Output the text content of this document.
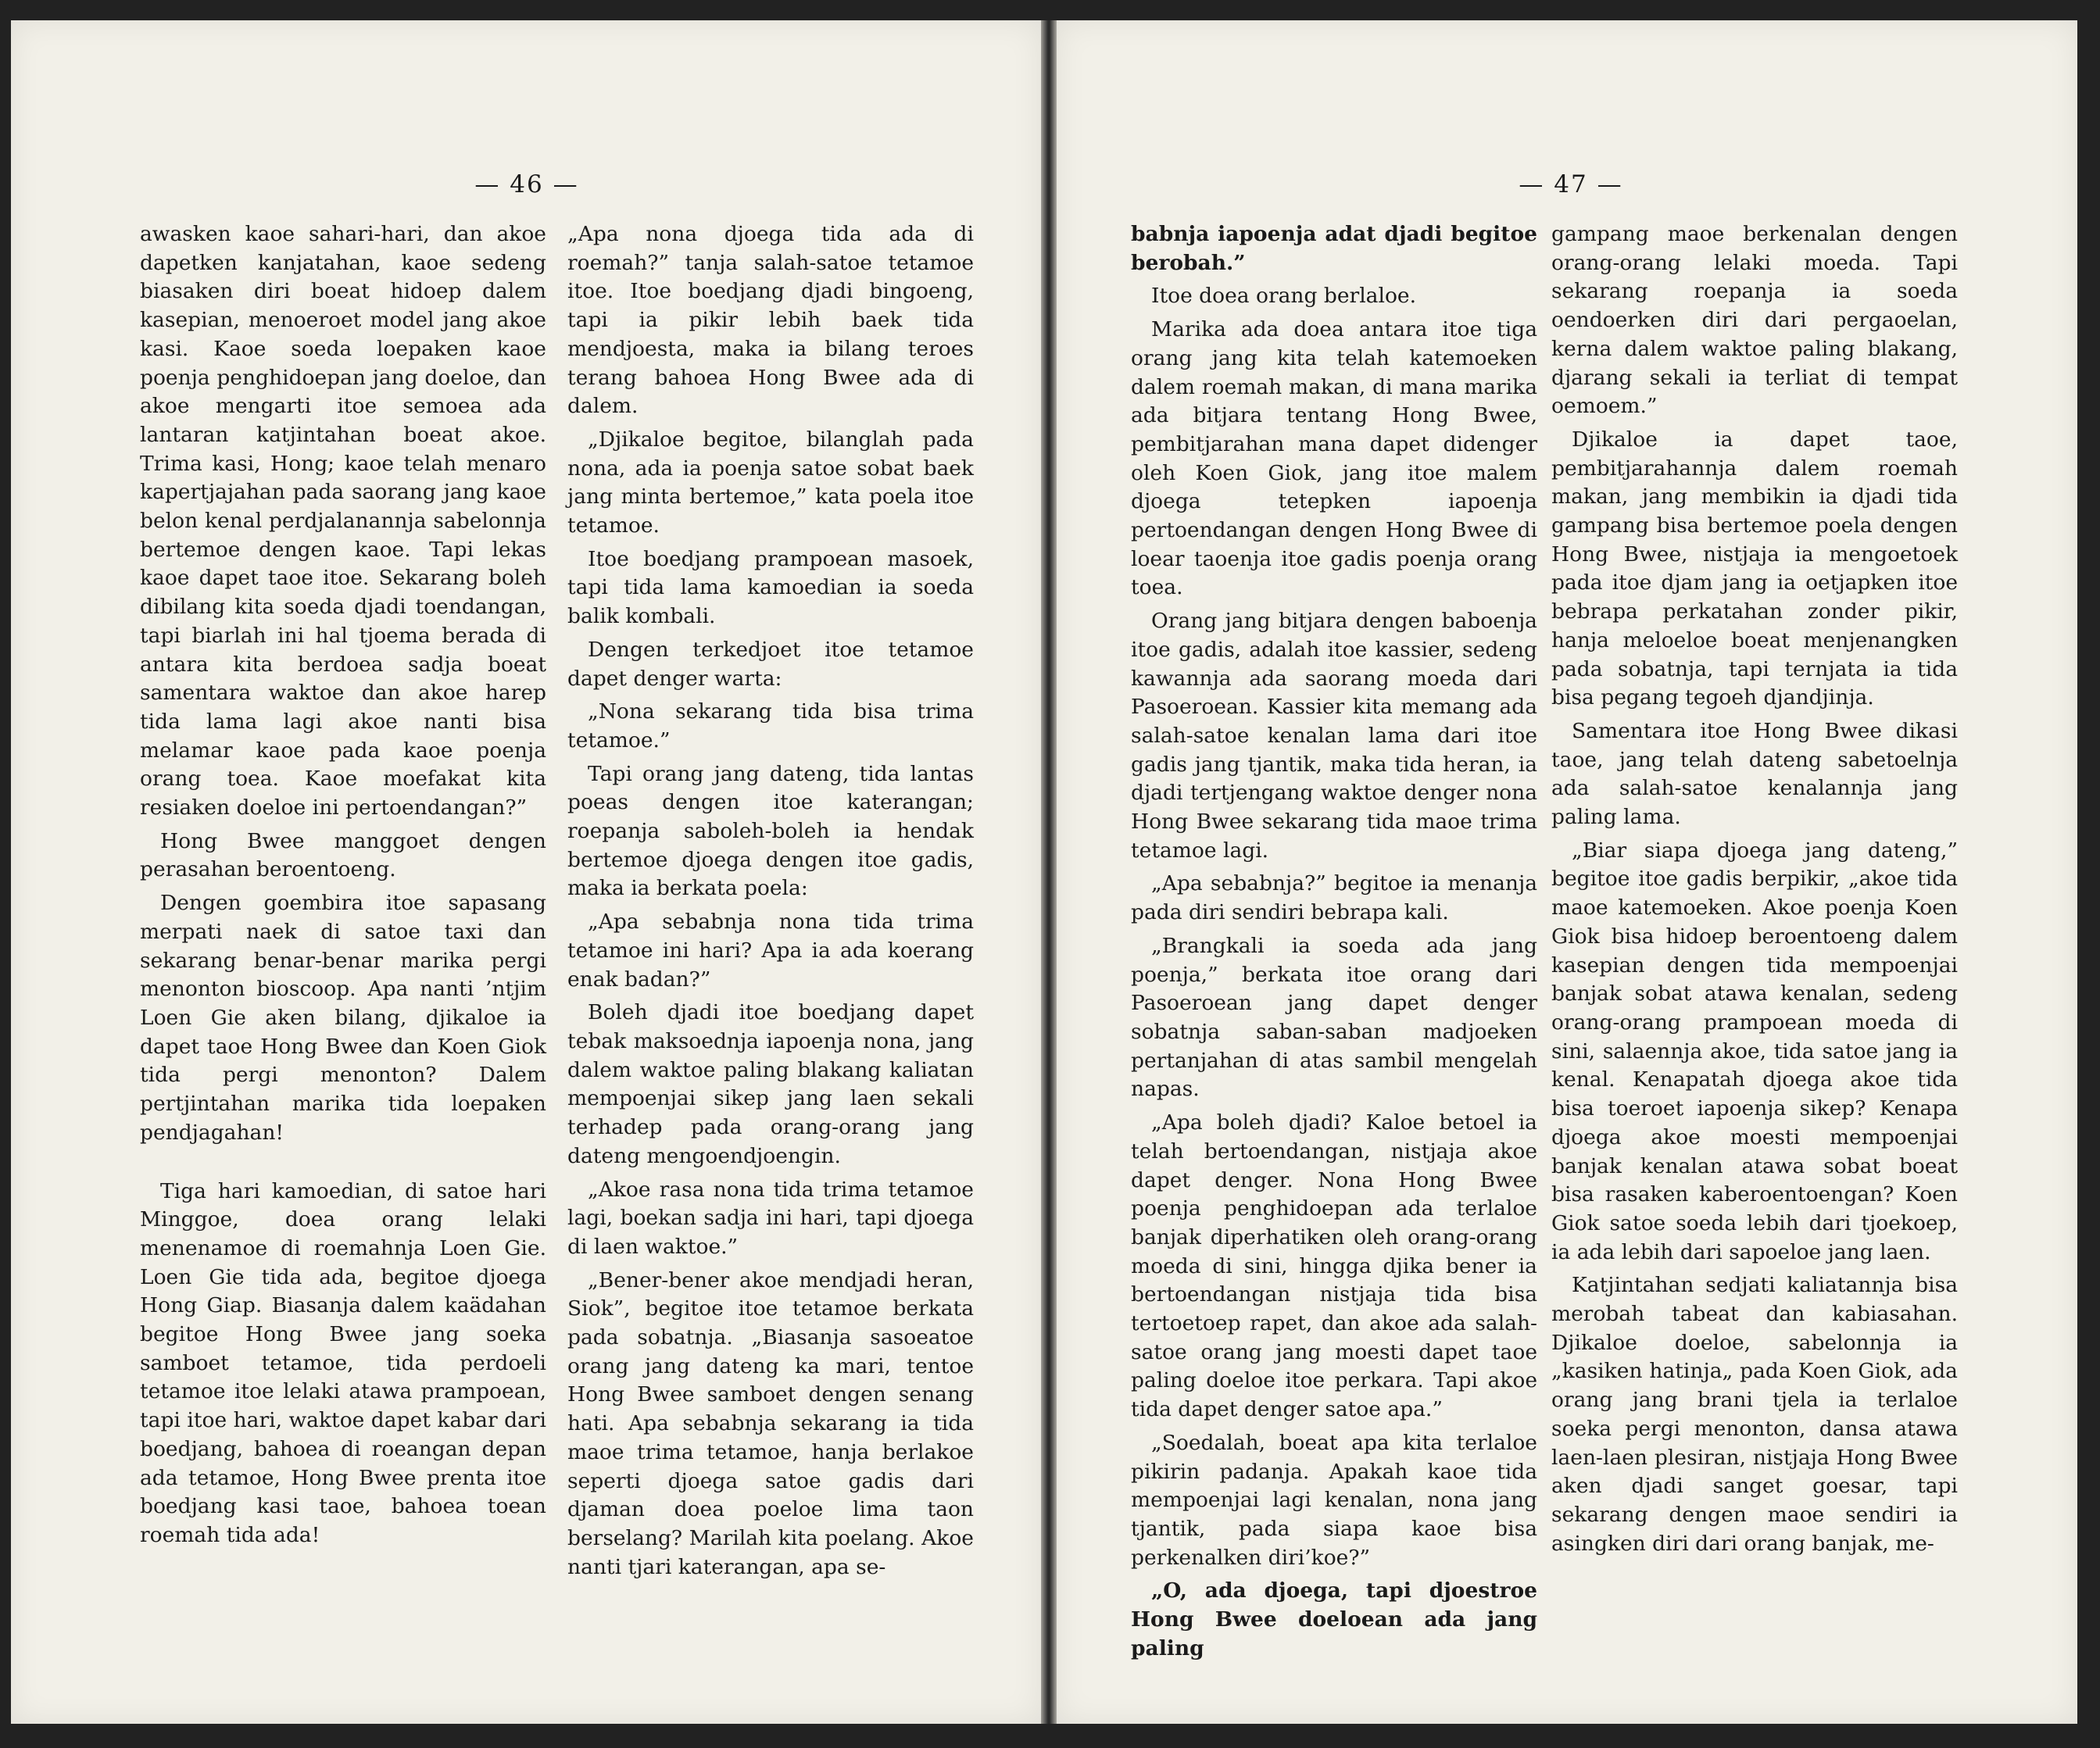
— 46 —

awasken kaoe sahari-hari, dan akoe dapetken kanjatahan, kaoe sedeng biasaken diri boeat hidoep dalem kasepian, menoeroet model jang akoe kasi. Kaoe soeda loepaken kaoe poenja penghidoepan jang doeloe, dan akoe mengarti itoe semoea ada lantaran katjintahan boeat akoe. Trima kasi, Hong; kaoe telah menaro kapertjajahan pada saorang jang kaoe belon kenal perdjalanannja sabelonnja bertemoe dengen kaoe. Tapi lekas kaoe dapet taoe itoe. Sekarang boleh dibilang kita soeda djadi toendangan, tapi biarlah ini hal tjoema berada di antara kita berdoea sadja boeat samentara waktoe dan akoe harep tida lama lagi akoe nanti bisa melamar kaoe pada kaoe poenja orang toea. Kaoe moefakat kita resiaken doeloe ini pertoendangan?”

Hong Bwee manggoet dengen perasahan beroentoeng.

Dengen goembira itoe sapasang merpati naek di satoe taxi dan sekarang benar-benar marika pergi menonton bioscoop. Apa nanti ’ntjim Loen Gie aken bilang, djikaloe ia dapet taoe Hong Bwee dan Koen Giok tida pergi menonton? Dalem pertjintahan marika tida loepaken pendjagahan!

Tiga hari kamoedian, di satoe hari Minggoe, doea orang lelaki menenamoe di roemahnja Loen Gie. Loen Gie tida ada, begitoe djoega Hong Giap. Biasanja dalem kaädahan begitoe Hong Bwee jang soeka samboet tetamoe, tida perdoeli tetamoe itoe lelaki atawa prampoean, tapi itoe hari, waktoe dapet kabar dari boedjang, bahoea di roeangan depan ada tetamoe, Hong Bwee prenta itoe boedjang kasi taoe, bahoea toean roemah tida ada!

„Apa nona djoega tida ada di roemah?” tanja salah-satoe tetamoe itoe. Itoe boedjang djadi bingoeng, tapi ia pikir lebih baek tida mendjoesta, maka ia bilang teroes terang bahoea Hong Bwee ada di dalem.

„Djikaloe begitoe, bilanglah pada nona, ada ia poenja satoe sobat baek jang minta bertemoe,” kata poela itoe tetamoe.

Itoe boedjang prampoean masoek, tapi tida lama kamoedian ia soeda balik kombali.

Dengen terkedjoet itoe tetamoe dapet denger warta:

„Nona sekarang tida bisa trima tetamoe.”

Tapi orang jang dateng, tida lantas poeas dengen itoe katerangan; roepanja saboleh-boleh ia hendak bertemoe djoega dengen itoe gadis, maka ia berkata poela:

„Apa sebabnja nona tida trima tetamoe ini hari? Apa ia ada koerang enak badan?”

Boleh djadi itoe boedjang dapet tebak maksoednja iapoenja nona, jang dalem waktoe paling blakang kaliatan mempoenjai sikep jang laen sekali terhadep pada orang-orang jang dateng mengoendjoengin.

„Akoe rasa nona tida trima tetamoe lagi, boekan sadja ini hari, tapi djoega di laen waktoe.”

„Bener-bener akoe mendjadi heran, Siok”, begitoe itoe tetamoe berkata pada sobatnja. „Biasanja sasoeatoe orang jang dateng ka mari, tentoe Hong Bwee samboet dengen senang hati. Apa sebabnja sekarang ia tida maoe trima tetamoe, hanja berlakoe seperti djoega satoe gadis dari djaman doea poeloe lima taon berselang? Marilah kita poelang. Akoe nanti tjari katerangan, apa se-

— 47 —

babnja iapoenja adat djadi begitoe berobah.”

Itoe doea orang berlaloe.

Marika ada doea antara itoe tiga orang jang kita telah katemoeken dalem roemah makan, di mana marika ada bitjara tentang Hong Bwee, pembitjarahan mana dapet didenger oleh Koen Giok, jang itoe malem djoega tetepken iapoenja pertoendangan dengen Hong Bwee di loear taoenja itoe gadis poenja orang toea.

Orang jang bitjara dengen baboenja itoe gadis, adalah itoe kassier, sedeng kawannja ada saorang moeda dari Pasoeroean. Kassier kita memang ada salah-satoe kenalan lama dari itoe gadis jang tjantik, maka tida heran, ia djadi tertjengang waktoe denger nona Hong Bwee sekarang tida maoe trima tetamoe lagi.

„Apa sebabnja?” begitoe ia menanja pada diri sendiri bebrapa kali.

„Brangkali ia soeda ada jang poenja,” berkata itoe orang dari Pasoeroean jang dapet denger sobatnja saban-saban madjoeken pertanjahan di atas sambil mengelah napas.

„Apa boleh djadi? Kaloe betoel ia telah bertoendangan, nistjaja akoe dapet denger. Nona Hong Bwee poenja penghidoepan ada terlaloe banjak diperhatiken oleh orang-orang moeda di sini, hingga djika bener ia bertoendangan nistjaja tida bisa tertoetoep rapet, dan akoe ada salah-satoe orang jang moesti dapet taoe paling doeloe itoe perkara. Tapi akoe tida dapet denger satoe apa.”

„Soedalah, boeat apa kita terlaloe pikirin padanja. Apakah kaoe tida mempoenjai lagi kenalan, nona jang tjantik, pada siapa kaoe bisa perkenalken diri’koe?”

„O, ada djoega, tapi djoestroe Hong Bwee doeloean ada jang paling

gampang maoe berkenalan dengen orang-orang lelaki moeda. Tapi sekarang roepanja ia soeda oendoerken diri dari pergaoelan, kerna dalem waktoe paling blakang, djarang sekali ia terliat di tempat oemoem.”

Djikaloe ia dapet taoe, pembitjarahannja dalem roemah makan, jang membikin ia djadi tida gampang bisa bertemoe poela dengen Hong Bwee, nistjaja ia mengoetoek pada itoe djam jang ia oetjapken itoe bebrapa perkatahan zonder pikir, hanja meloeloe boeat menjenangken pada sobatnja, tapi ternjata ia tida bisa pegang tegoeh djandjinja.

Samentara itoe Hong Bwee dikasi taoe, jang telah dateng sabetoelnja ada salah-satoe kenalannja jang paling lama.

„Biar siapa djoega jang dateng,” begitoe itoe gadis berpikir, „akoe tida maoe katemoeken. Akoe poenja Koen Giok bisa hidoep beroentoeng dalem kasepian dengen tida mempoenjai banjak sobat atawa kenalan, sedeng orang-orang prampoean moeda di sini, salaennja akoe, tida satoe jang ia kenal. Kenapatah djoega akoe tida bisa toeroet iapoenja sikep? Kenapa djoega akoe moesti mempoenjai banjak kenalan atawa sobat boeat bisa rasaken kaberoentoengan? Koen Giok satoe soeda lebih dari tjoekoep, ia ada lebih dari sapoeloe jang laen.

Katjintahan sedjati kaliatannja bisa merobah tabeat dan kabiasahan. Djikaloe doeloe, sabelonnja ia „kasiken hatinja„ pada Koen Giok, ada orang jang brani tjela ia terlaloe soeka pergi menonton, dansa atawa laen-laen plesiran, nistjaja Hong Bwee aken djadi sanget goesar, tapi sekarang dengen maoe sendiri ia asingken diri dari orang banjak, me-
